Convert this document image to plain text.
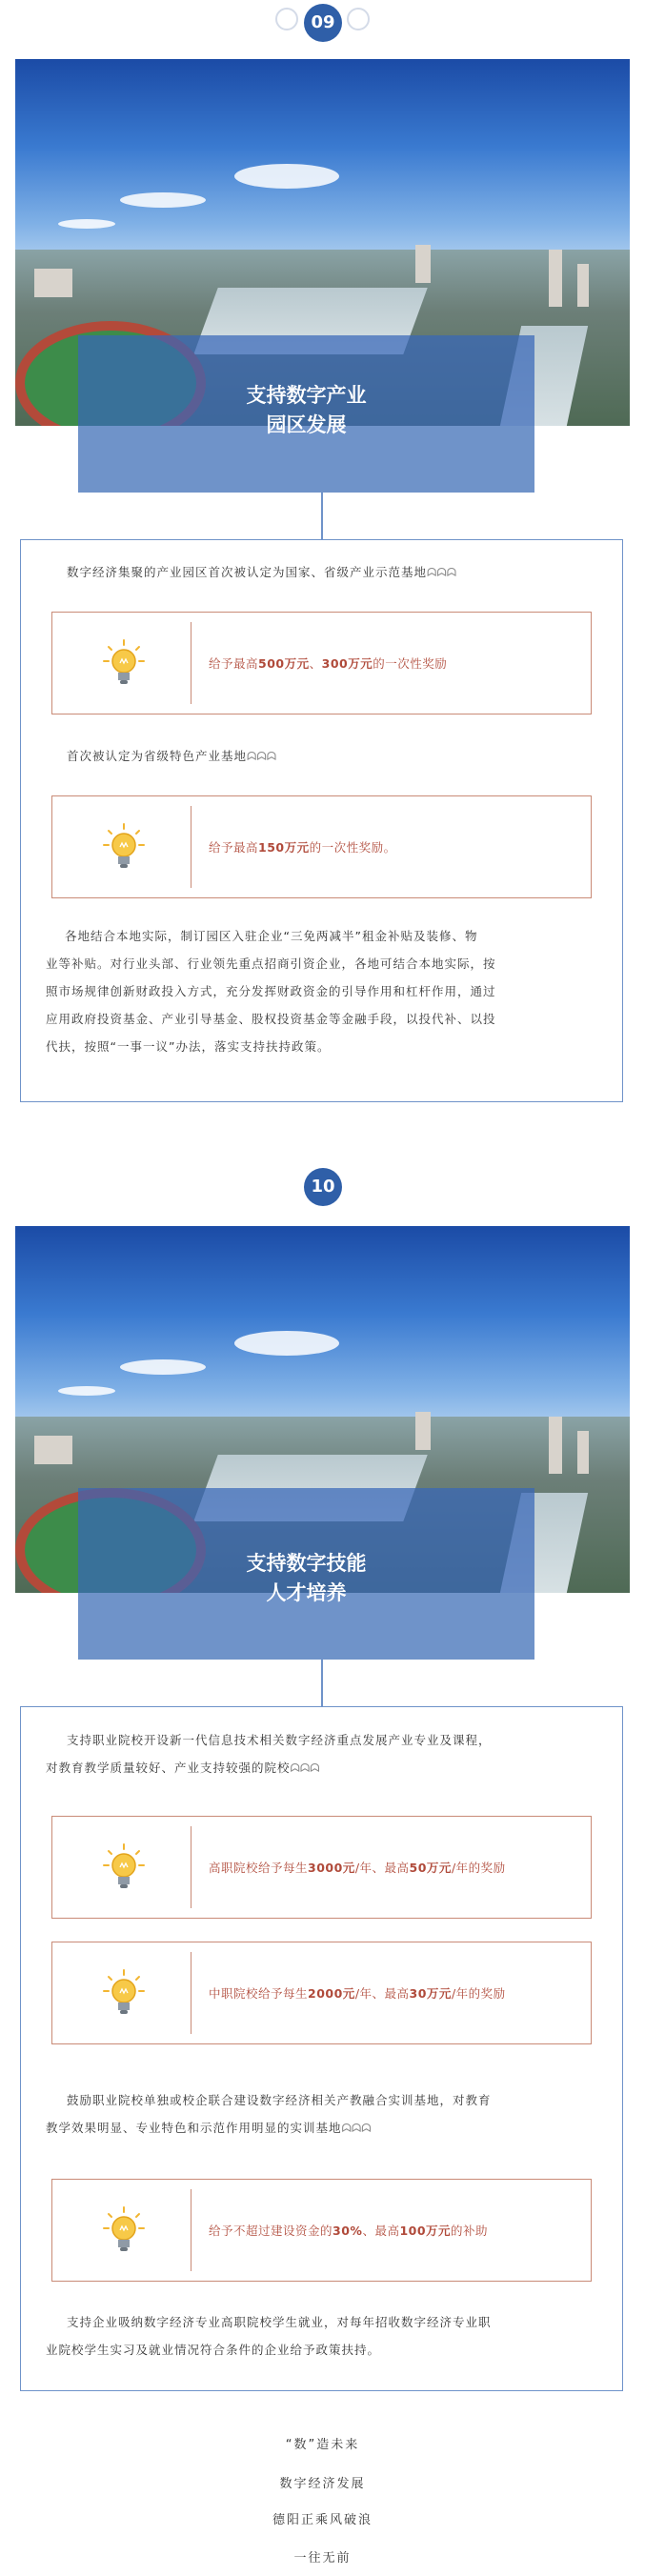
09
支持数字产业
园区发展
数字经济集聚的产业园区首次被认定为国家、省级产业示范基地ᗣᗣᗣ
给予最高 500万元 、 300万元 的一次性奖励
首次被认定为省级特色产业基地ᗣᗣᗣ
给予最高 150万元 的一次性奖励。
各地结合本地实际，制订园区入驻企业“三免两减半”租金补贴及装修、物
业等补贴。对行业头部、行业领先重点招商引资企业，各地可结合本地实际，按
照市场规律创新财政投入方式，充分发挥财政资金的引导作用和杠杆作用，通过
应用政府投资基金、产业引导基金、股权投资基金等金融手段，以投代补、以投
代扶，按照“一事一议”办法，落实支持扶持政策。
10
支持数字技能
人才培养
支持职业院校开设新一代信息技术相关数字经济重点发展产业专业及课程，
对教育教学质量较好、产业支持较强的院校ᗣᗣᗣ
高职院校给予每生 3000元 /年、最高 50万元 /年的奖励
中职院校给予每生 2000元 /年、最高 30万元 /年的奖励
鼓励职业院校单独或校企联合建设数字经济相关产教融合实训基地，对教育
教学效果明显、专业特色和示范作用明显的实训基地ᗣᗣᗣ
给予不超过建设资金的 30% 、最高 100万元 的补助
支持企业吸纳数字经济专业高职院校学生就业，对每年招收数字经济专业职
业院校学生实习及就业情况符合条件的企业给予政策扶持。
“数”造未来
数字经济发展
德阳正乘风破浪
一往无前
